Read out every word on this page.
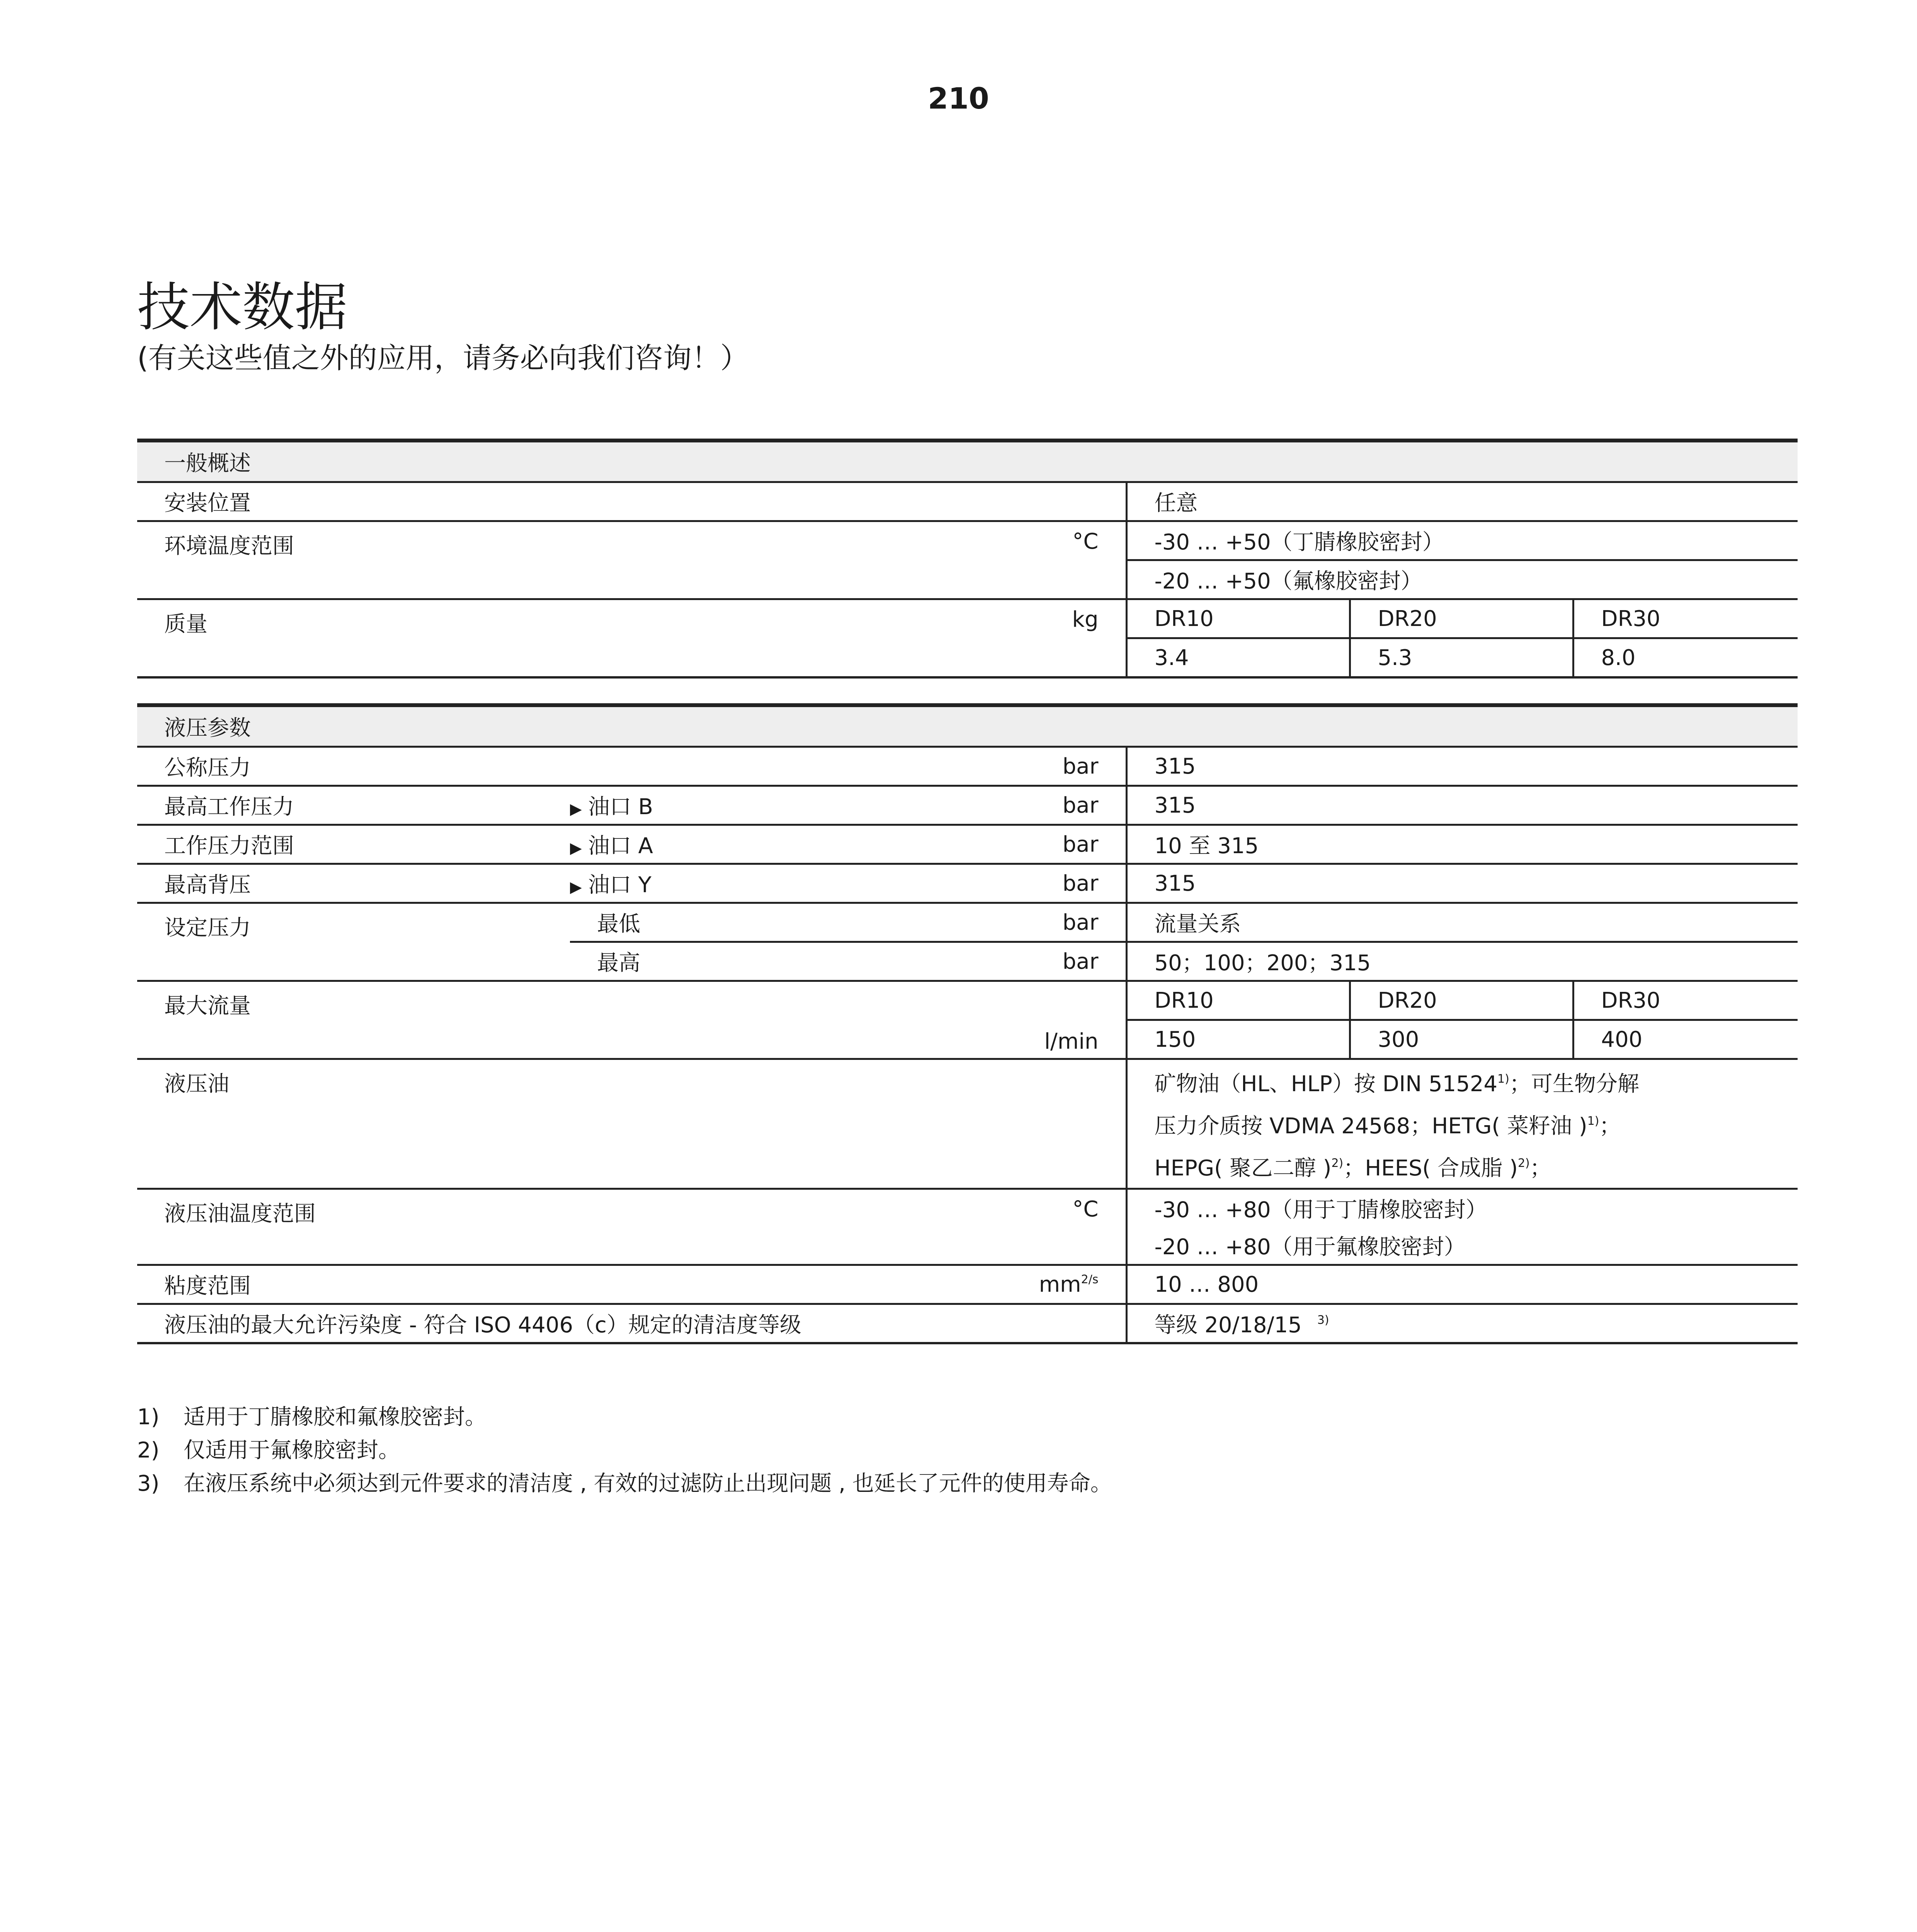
210
技术数据
(有关这些值之外的应用，请务必向我们咨询！）
一般概述				
安装位置		任意		
环境温度范围	°C	-30 … +50（丁腈橡胶密封）		
		-20 … +50（氟橡胶密封）		
质量	kg	DR10	DR20	DR30
		3.4	5.3	8.0
液压参数				
公称压力	bar	315		
最高工作压力	▶ 油口 B bar	315		
工作压力范围	▶ 油口 A bar	10 至 315		
最高背压	▶ 油口 Y bar	315		
设定压力	最低 bar	流量关系		

	最高 bar	50；100；200；315		
最大流量	l/min	DR10	DR20	DR30
		150	300	400
液压油		矿物油（HL、HLP）按 DIN 51524$^{1)}$；可生物分解
压力介质按 VDMA 24568；HETG( 菜籽油 )$^{1)}$；
HEPG( 聚乙二醇 )$^{2)}$；HEES( 合成脂 )$^{2)}$；		

液压油温度范围	°C	-30 … +80（用于丁腈橡胶密封）		
		-20 … +80（用于氟橡胶密封）		
粘度范围	$mm^{2/s}$	10 … 800		
液压油的最大允许污染度 - 符合 ISO 4406（c）规定的清洁度等级		等级 20/18/15 $^{3)}$
1)	适用于丁腈橡胶和氟橡胶密封。
2)	仅适用于氟橡胶密封。
3)	在液压系统中必须达到元件要求的清洁度 , 有效的过滤防止出现问题 , 也延长了元件的使用寿命。
